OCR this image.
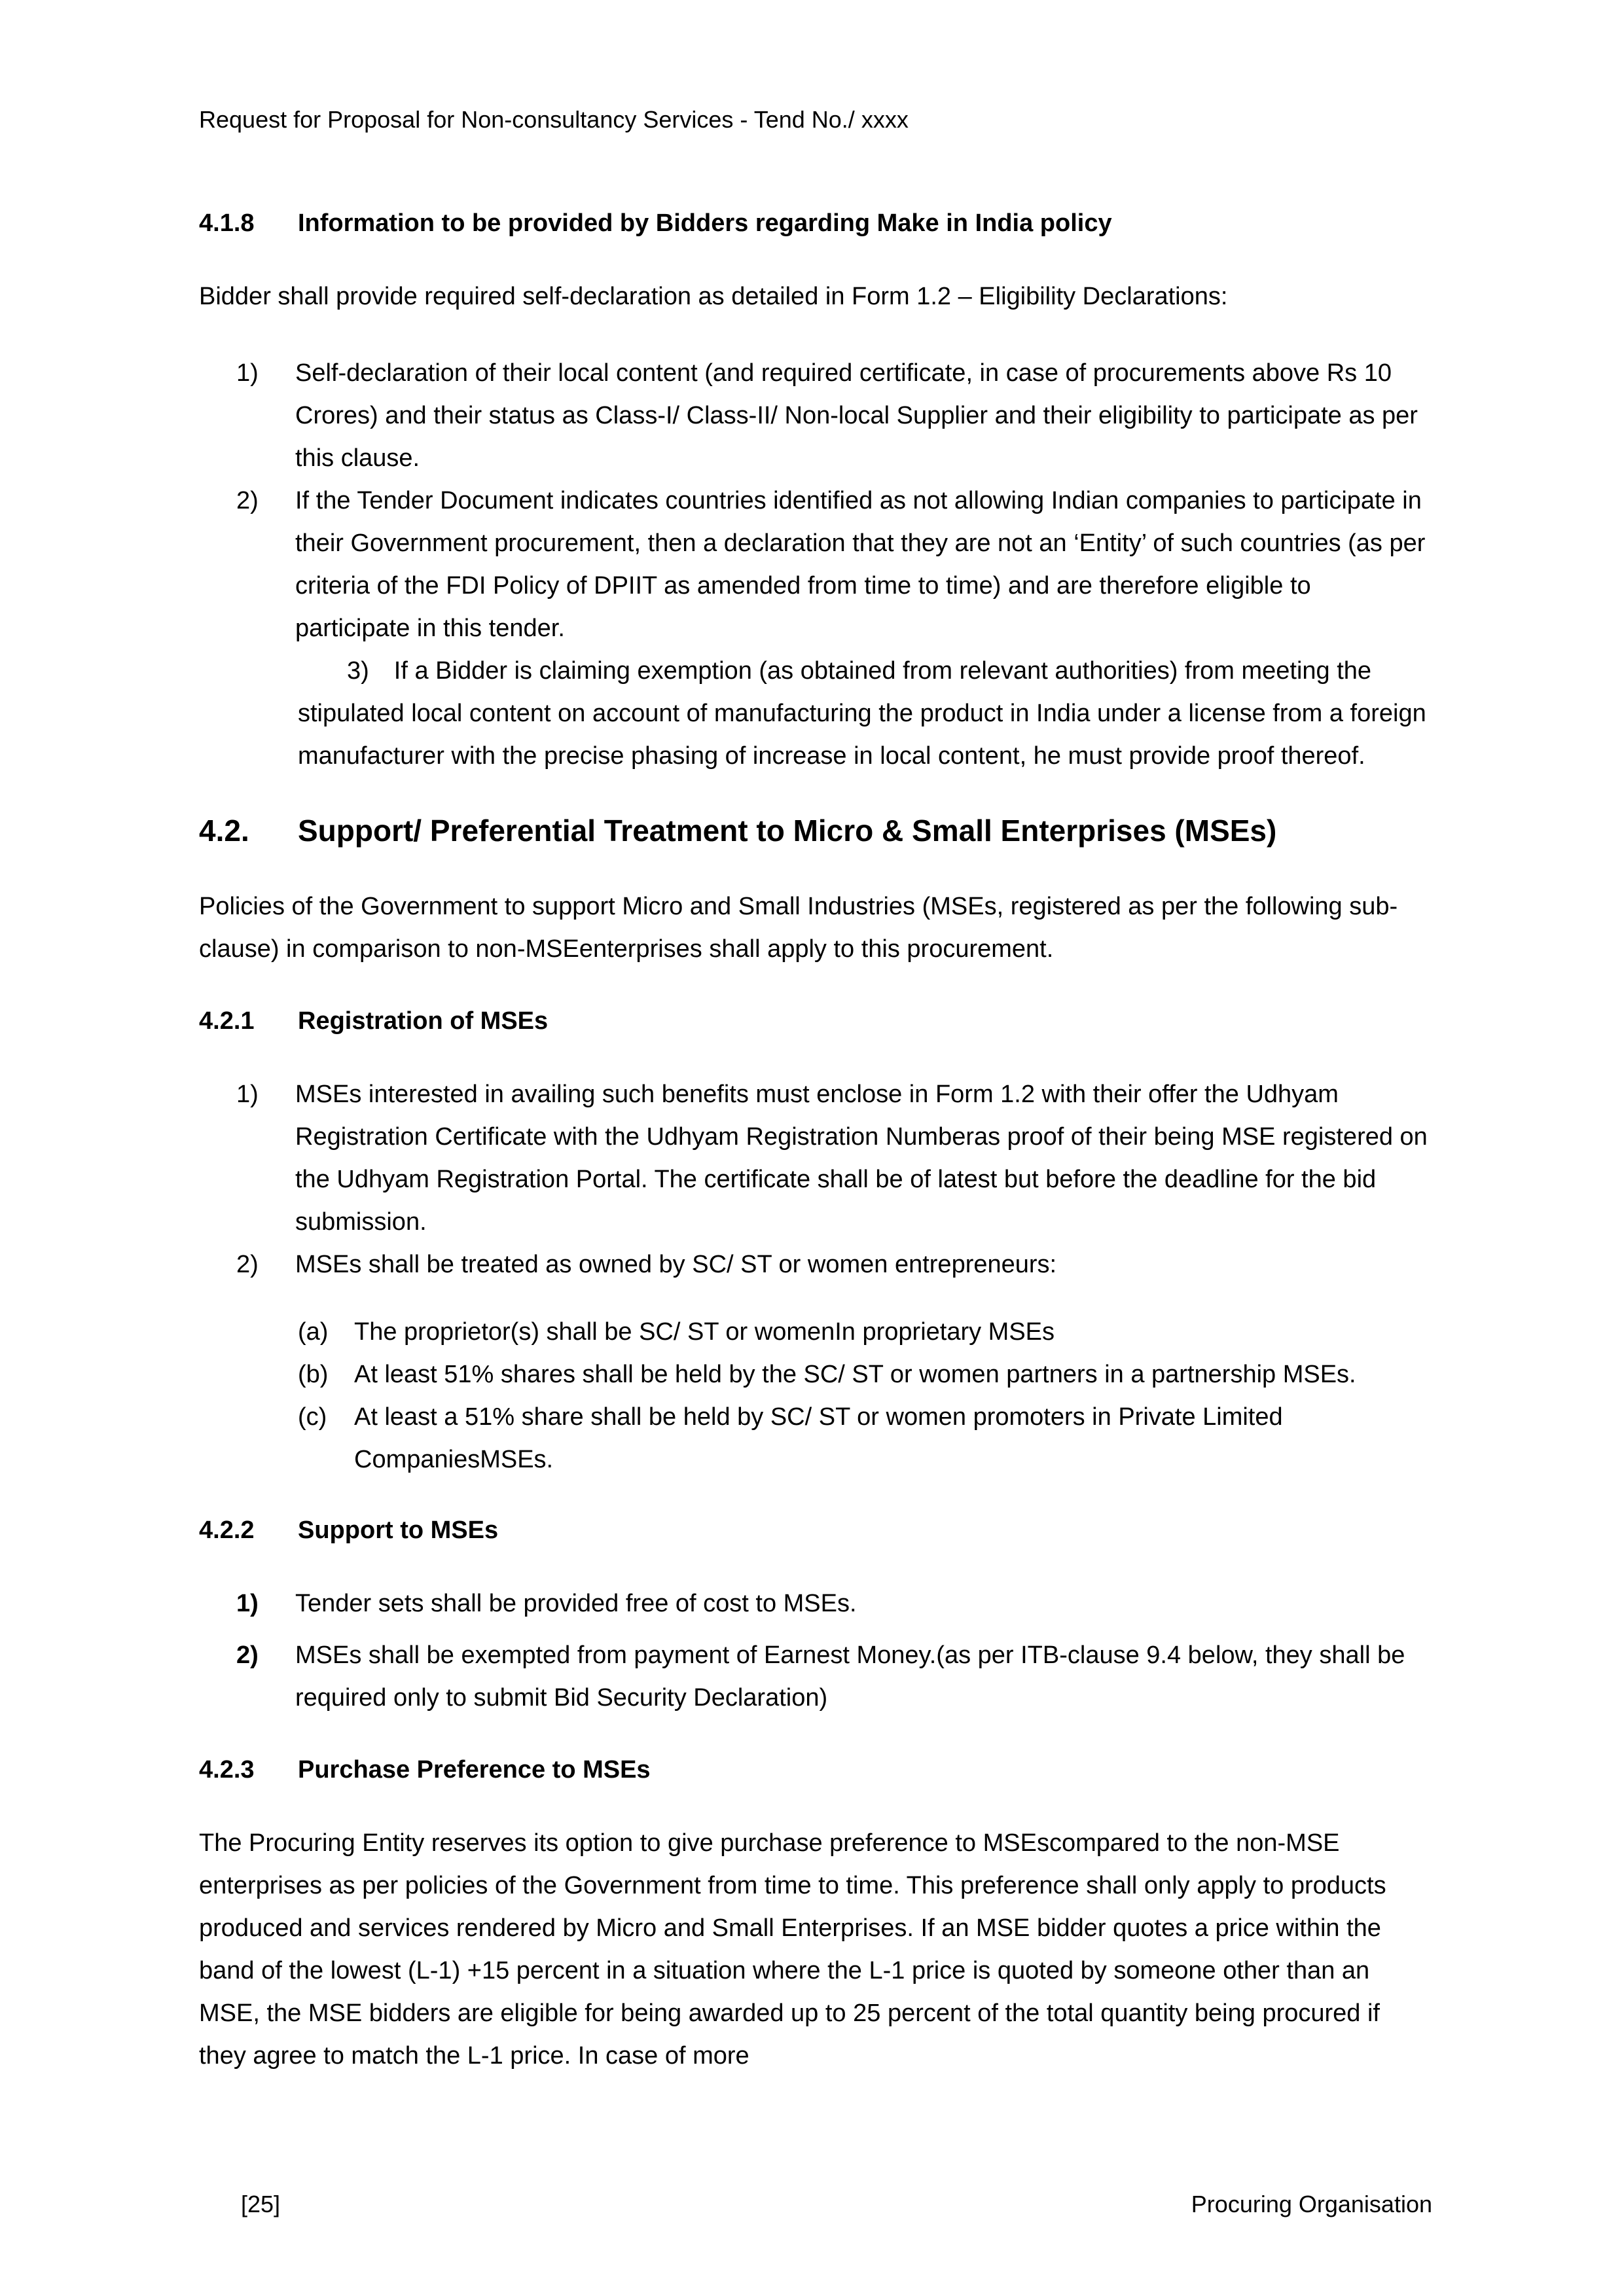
Request for Proposal for Non-consultancy Services - Tend No./ xxxx
4.1.8	Information to be provided by Bidders regarding Make in India policy

Bidder shall provide required self-declaration as detailed in Form 1.2 – Eligibility Declarations:

1)	Self-declaration of their local content (and required certificate, in case of procurements above Rs 10 Crores) and their status as Class-I/ Class-II/ Non-local Supplier and their eligibility to participate as per this clause.
2)	If the Tender Document indicates countries identified as not allowing Indian companies to participate in their Government procurement, then a declaration that they are not an ‘Entity’ of such countries (as per criteria of the FDI Policy of DPIIT as amended from time to time) and are therefore eligible to participate in this tender.

3) If a Bidder is claiming exemption (as obtained from relevant authorities) from meeting the stipulated local content on account of manufacturing the product in India under a license from a foreign manufacturer with the precise phasing of increase in local content, he must provide proof thereof.

4.2.	Support/ Preferential Treatment to Micro & Small Enterprises (MSEs)

Policies of the Government to support Micro and Small Industries (MSEs, registered as per the following sub-clause) in comparison to non-MSEenterprises shall apply to this procurement.

4.2.1	Registration of MSEs
1)	MSEs interested in availing such benefits must enclose in Form 1.2 with their offer the Udhyam Registration Certificate with the Udhyam Registration Numberas proof of their being MSE registered on the Udhyam Registration Portal. The certificate shall be of latest but before the deadline for the bid submission.
2)	MSEs shall be treated as owned by SC/ ST or women entrepreneurs:
(a)	The proprietor(s) shall be SC/ ST or womenIn proprietary MSEs
(b)	At least 51% shares shall be held by the SC/ ST or women partners in a partnership MSEs.
(c)	At least a 51% share shall be held by SC/ ST or women promoters in Private Limited CompaniesMSEs.
4.2.2	Support to MSEs
1)	Tender sets shall be provided free of cost to MSEs.
2)	MSEs shall be exempted from payment of Earnest Money.(as per ITB-clause 9.4 below, they shall be required only to submit Bid Security Declaration)
4.2.3	Purchase Preference to MSEs

The Procuring Entity reserves its option to give purchase preference to MSEscompared to the non-MSE enterprises as per policies of the Government from time to time. This preference shall only apply to products produced and services rendered by Micro and Small Enterprises. If an MSE bidder quotes a price within the band of the lowest (L-1) +15 percent in a situation where the L-1 price is quoted by someone other than an MSE, the MSE bidders are eligible for being awarded up to 25 percent of the total quantity being procured if they agree to match the L-1 price. In case of more

[25]	Procuring Organisation
